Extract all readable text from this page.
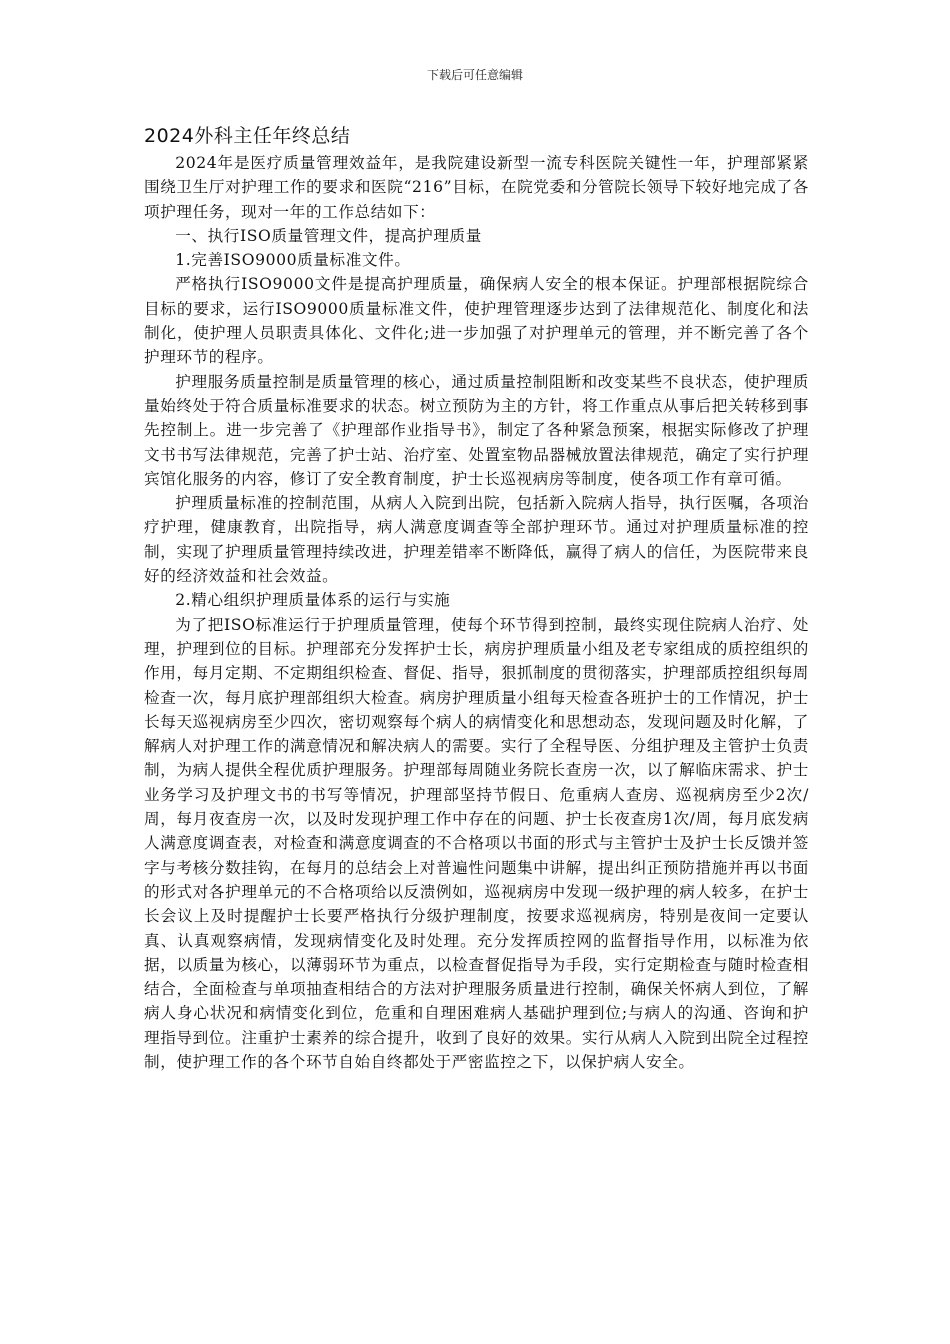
下载后可任意编辑
2024外科主任年终总结

2024年是医疗质量管理效益年，是我院建设新型一流专科医院关键性一年，护理部紧紧围绕卫生厅对护理工作的要求和医院“216”目标，在院党委和分管院长领导下较好地完成了各项护理任务，现对一年的工作总结如下：

一、执行ISO质量管理文件，提高护理质量

1.完善ISO9000质量标准文件。

严格执行ISO9000文件是提高护理质量，确保病人安全的根本保证。护理部根据院综合目标的要求，运行ISO9000质量标准文件，使护理管理逐步达到了法律规范化、制度化和法制化，使护理人员职责具体化、文件化;进一步加强了对护理单元的管理，并不断完善了各个护理环节的程序。

护理服务质量控制是质量管理的核心，通过质量控制阻断和改变某些不良状态，使护理质量始终处于符合质量标准要求的状态。树立预防为主的方针，将工作重点从事后把关转移到事先控制上。进一步完善了《护理部作业指导书》，制定了各种紧急预案，根据实际修改了护理文书书写法律规范，完善了护士站、治疗室、处置室物品器械放置法律规范，确定了实行护理宾馆化服务的内容，修订了安全教育制度，护士长巡视病房等制度，使各项工作有章可循。

护理质量标准的控制范围，从病人入院到出院，包括新入院病人指导，执行医嘱，各项治疗护理，健康教育，出院指导，病人满意度调查等全部护理环节。通过对护理质量标准的控制，实现了护理质量管理持续改进，护理差错率不断降低，赢得了病人的信任，为医院带来良好的经济效益和社会效益。

2.精心组织护理质量体系的运行与实施

为了把ISO标准运行于护理质量管理，使每个环节得到控制，最终实现住院病人治疗、处理，护理到位的目标。护理部充分发挥护士长，病房护理质量小组及老专家组成的质控组织的作用，每月定期、不定期组织检查、督促、指导，狠抓制度的贯彻落实，护理部质控组织每周检查一次，每月底护理部组织大检查。病房护理质量小组每天检查各班护士的工作情况，护士长每天巡视病房至少四次，密切观察每个病人的病情变化和思想动态，发现问题及时化解，了解病人对护理工作的满意情况和解决病人的需要。实行了全程导医、分组护理及主管护士负责制，为病人提供全程优质护理服务。护理部每周随业务院长查房一次，以了解临床需求、护士业务学习及护理文书的书写等情况，护理部坚持节假日、危重病人查房、巡视病房至少2次/周，每月夜查房一次，以及时发现护理工作中存在的问题、护士长夜查房1次/周，每月底发病人满意度调查表，对检查和满意度调查的不合格项以书面的形式与主管护士及护士长反馈并签字与考核分数挂钩，在每月的总结会上对普遍性问题集中讲解，提出纠正预防措施并再以书面的形式对各护理单元的不合格项给以反溃例如，巡视病房中发现一级护理的病人较多，在护士长会议上及时提醒护士长要严格执行分级护理制度，按要求巡视病房，特别是夜间一定要认真、认真观察病情，发现病情变化及时处理。充分发挥质控网的监督指导作用，以标准为依据，以质量为核心，以薄弱环节为重点，以检查督促指导为手段，实行定期检查与随时检查相结合，全面检查与单项抽查相结合的方法对护理服务质量进行控制，确保关怀病人到位，了解病人身心状况和病情变化到位，危重和自理困难病人基础护理到位;与病人的沟通、咨询和护理指导到位。注重护士素养的综合提升，收到了良好的效果。实行从病人入院到出院全过程控制，使护理工作的各个环节自始自终都处于严密监控之下，以保护病人安全。
